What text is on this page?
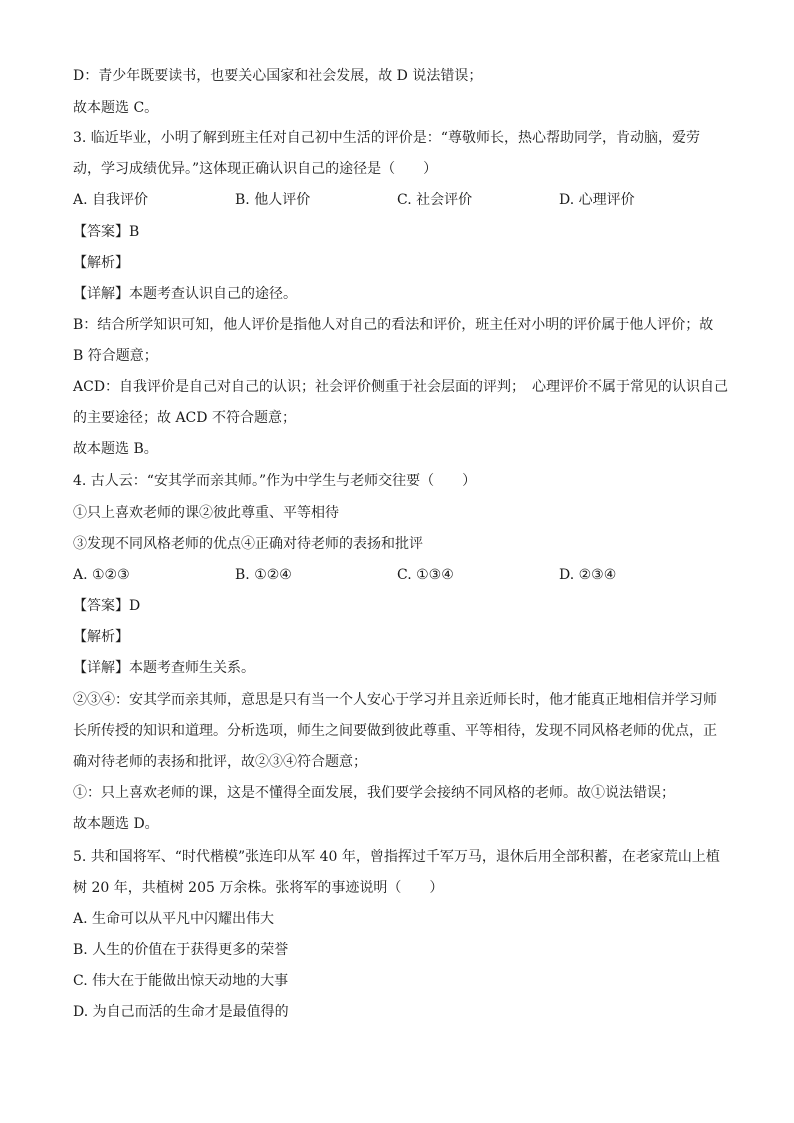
D：青少年既要读书，也要关心国家和社会发展，故 D 说法错误；
故本题选 C。
3. 临近毕业，小明了解到班主任对自己初中生活的评价是：“尊敬师长，热心帮助同学，肯动脑，爱劳
动，学习成绩优异。”这体现正确认识自己的途径是（　　）
A. 自我评价	B. 他人评价	C. 社会评价	D. 心理评价
【答案】B
【解析】
【详解】本题考查认识自己的途径。
B：结合所学知识可知，他人评价是指他人对自己的看法和评价，班主任对小明的评价属于他人评价；故
B 符合题意；
ACD：自我评价是自己对自己的认识；社会评价侧重于社会层面的评判；　心理评价不属于常见的认识自己
的主要途径；故 ACD 不符合题意；
故本题选 B。
4. 古人云：“安其学而亲其师。”作为中学生与老师交往要（　　）
①只上喜欢老师的课②彼此尊重、平等相待
③发现不同风格老师的优点④正确对待老师的表扬和批评
A. ①②③	B. ①②④	C. ①③④	D. ②③④
【答案】D
【解析】
【详解】本题考查师生关系。
②③④：安其学而亲其师，意思是只有当一个人安心于学习并且亲近师长时，他才能真正地相信并学习师
长所传授的知识和道理。分析选项，师生之间要做到彼此尊重、平等相待，发现不同风格老师的优点，正
确对待老师的表扬和批评，故②③④符合题意；
①：只上喜欢老师的课，这是不懂得全面发展，我们要学会接纳不同风格的老师。故①说法错误；
故本题选 D。
5. 共和国将军、“时代楷模”张连印从军 40 年，曾指挥过千军万马，退休后用全部积蓄，在老家荒山上植
树 20 年，共植树 205 万余株。张将军的事迹说明（　　）
A. 生命可以从平凡中闪耀出伟大
B. 人生的价值在于获得更多的荣誉
C. 伟大在于能做出惊天动地的大事
D. 为自己而活的生命才是最值得的
